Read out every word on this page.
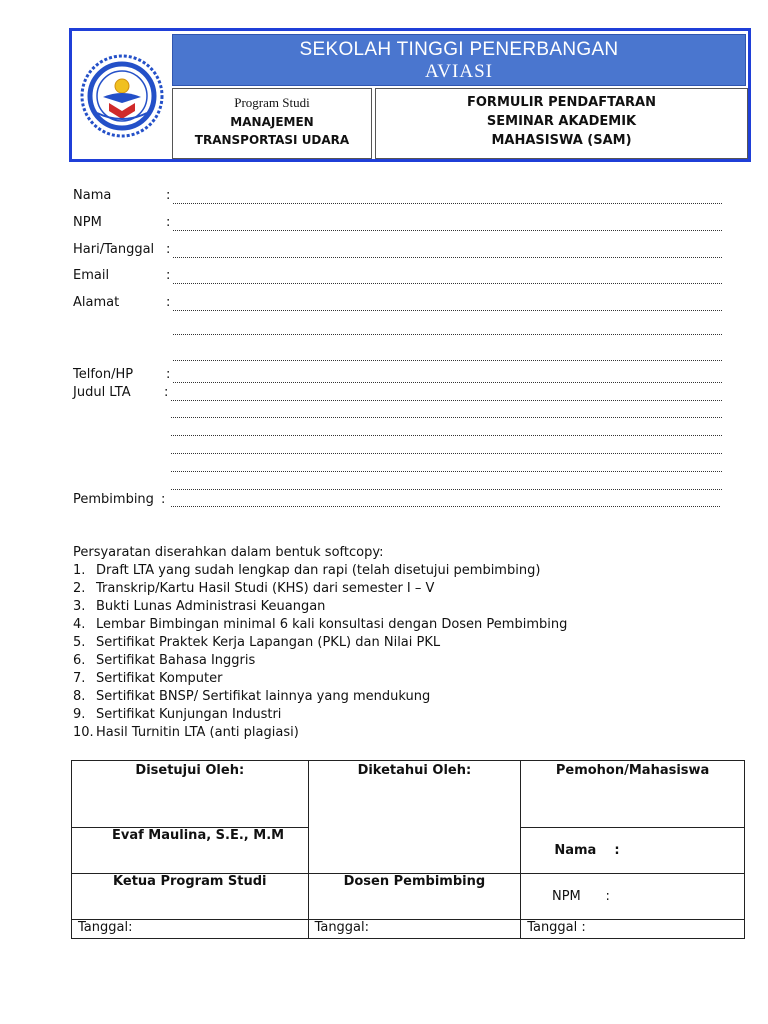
SEKOLAH TINGGI PENERBANGAN
AVIASI
Program Studi
MANAJEMEN
TRANSPORTASI UDARA
FORMULIR PENDAFTARAN
SEMINAR AKADEMIK
MAHASISWA (SAM)
Nama	:
NPM	:
Hari/Tanggal :
Email	:
Alamat	:
Telfon/HP	:
Judul LTA	:
Pembimbing :
Persyaratan diserahkan dalam bentuk softcopy:
1. Draft LTA yang sudah lengkap dan rapi (telah disetujui pembimbing)
2. Transkrip/Kartu Hasil Studi (KHS) dari semester I – V
3. Bukti Lunas Administrasi Keuangan
4. Lembar Bimbingan minimal 6 kali konsultasi dengan Dosen Pembimbing
5. Sertifikat Praktek Kerja Lapangan (PKL) dan Nilai PKL
6. Sertifikat Bahasa Inggris
7. Sertifikat Komputer
8. Sertifikat BNSP/ Sertifikat lainnya yang mendukung
9. Sertifikat Kunjungan Industri
10. Hasil Turnitin LTA (anti plagiasi)
Disetujui Oleh:	Diketahui Oleh:	Pemohon/Mahasiswa
Evaf Maulina, S.E., M.M		Nama    :

Ketua Program Studi	Dosen Pembimbing	NPM      :

Tanggal:	Tanggal:	Tanggal :
